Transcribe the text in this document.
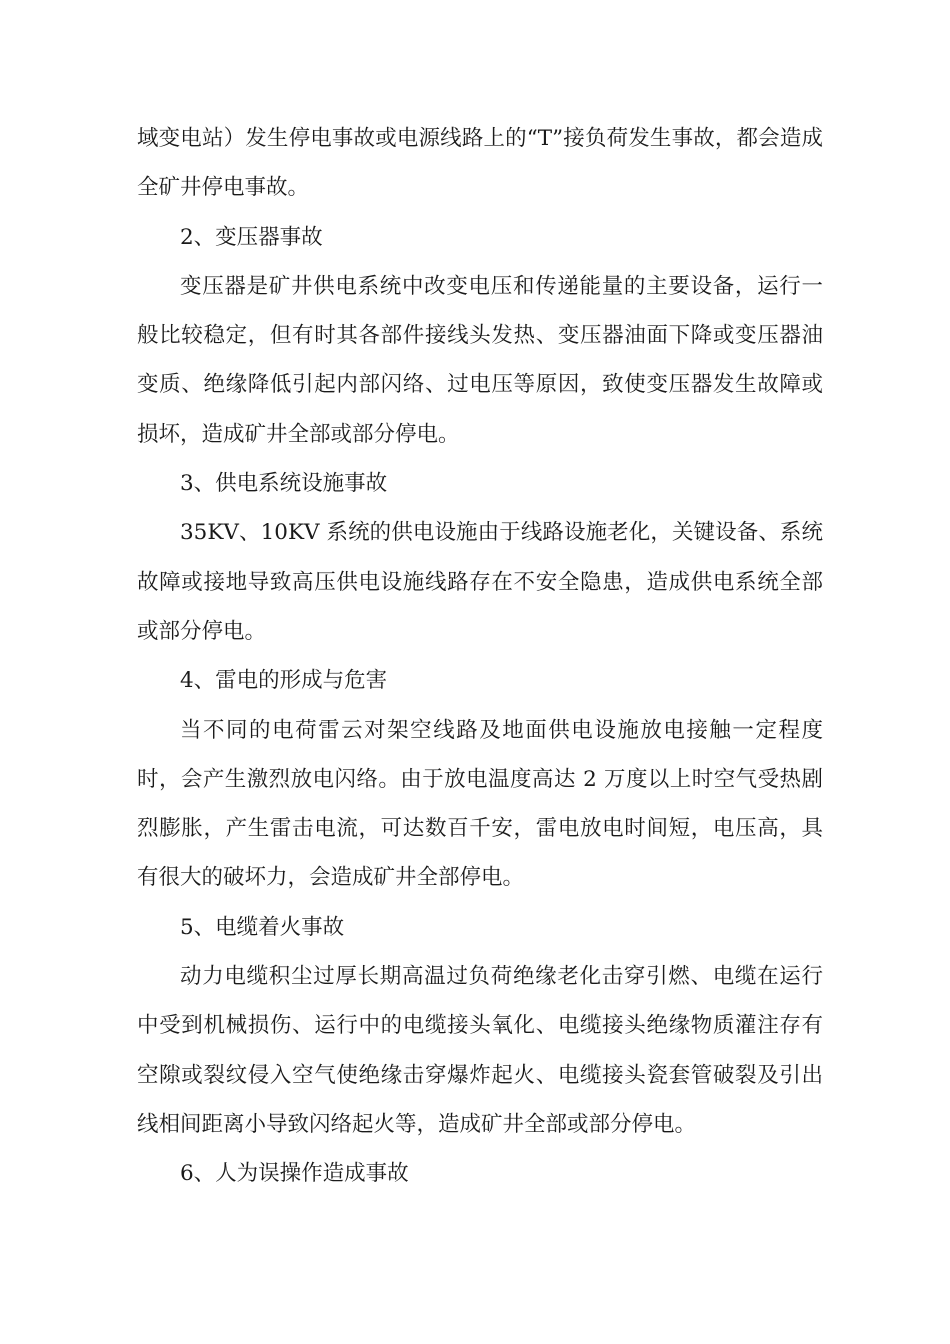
域变电站）发生停电事故或电源线路上的“T”接负荷发生事故，都会造成全矿井停电事故。

2、变压器事故

变压器是矿井供电系统中改变电压和传递能量的主要设备，运行一般比较稳定，但有时其各部件接线头发热、变压器油面下降或变压器油变质、绝缘降低引起内部闪络、过电压等原因，致使变压器发生故障或损坏，造成矿井全部或部分停电。

3、供电系统设施事故

35KV、10KV 系统的供电设施由于线路设施老化，关键设备、系统故障或接地导致高压供电设施线路存在不安全隐患，造成供电系统全部或部分停电。

4、雷电的形成与危害

当不同的电荷雷云对架空线路及地面供电设施放电接触一定程度时，会产生激烈放电闪络。由于放电温度高达 2 万度以上时空气受热剧烈膨胀，产生雷击电流，可达数百千安，雷电放电时间短，电压高，具有很大的破坏力，会造成矿井全部停电。

5、电缆着火事故

动力电缆积尘过厚长期高温过负荷绝缘老化击穿引燃、电缆在运行中受到机械损伤、运行中的电缆接头氧化、电缆接头绝缘物质灌注存有空隙或裂纹侵入空气使绝缘击穿爆炸起火、电缆接头瓷套管破裂及引出线相间距离小导致闪络起火等，造成矿井全部或部分停电。

6、人为误操作造成事故
